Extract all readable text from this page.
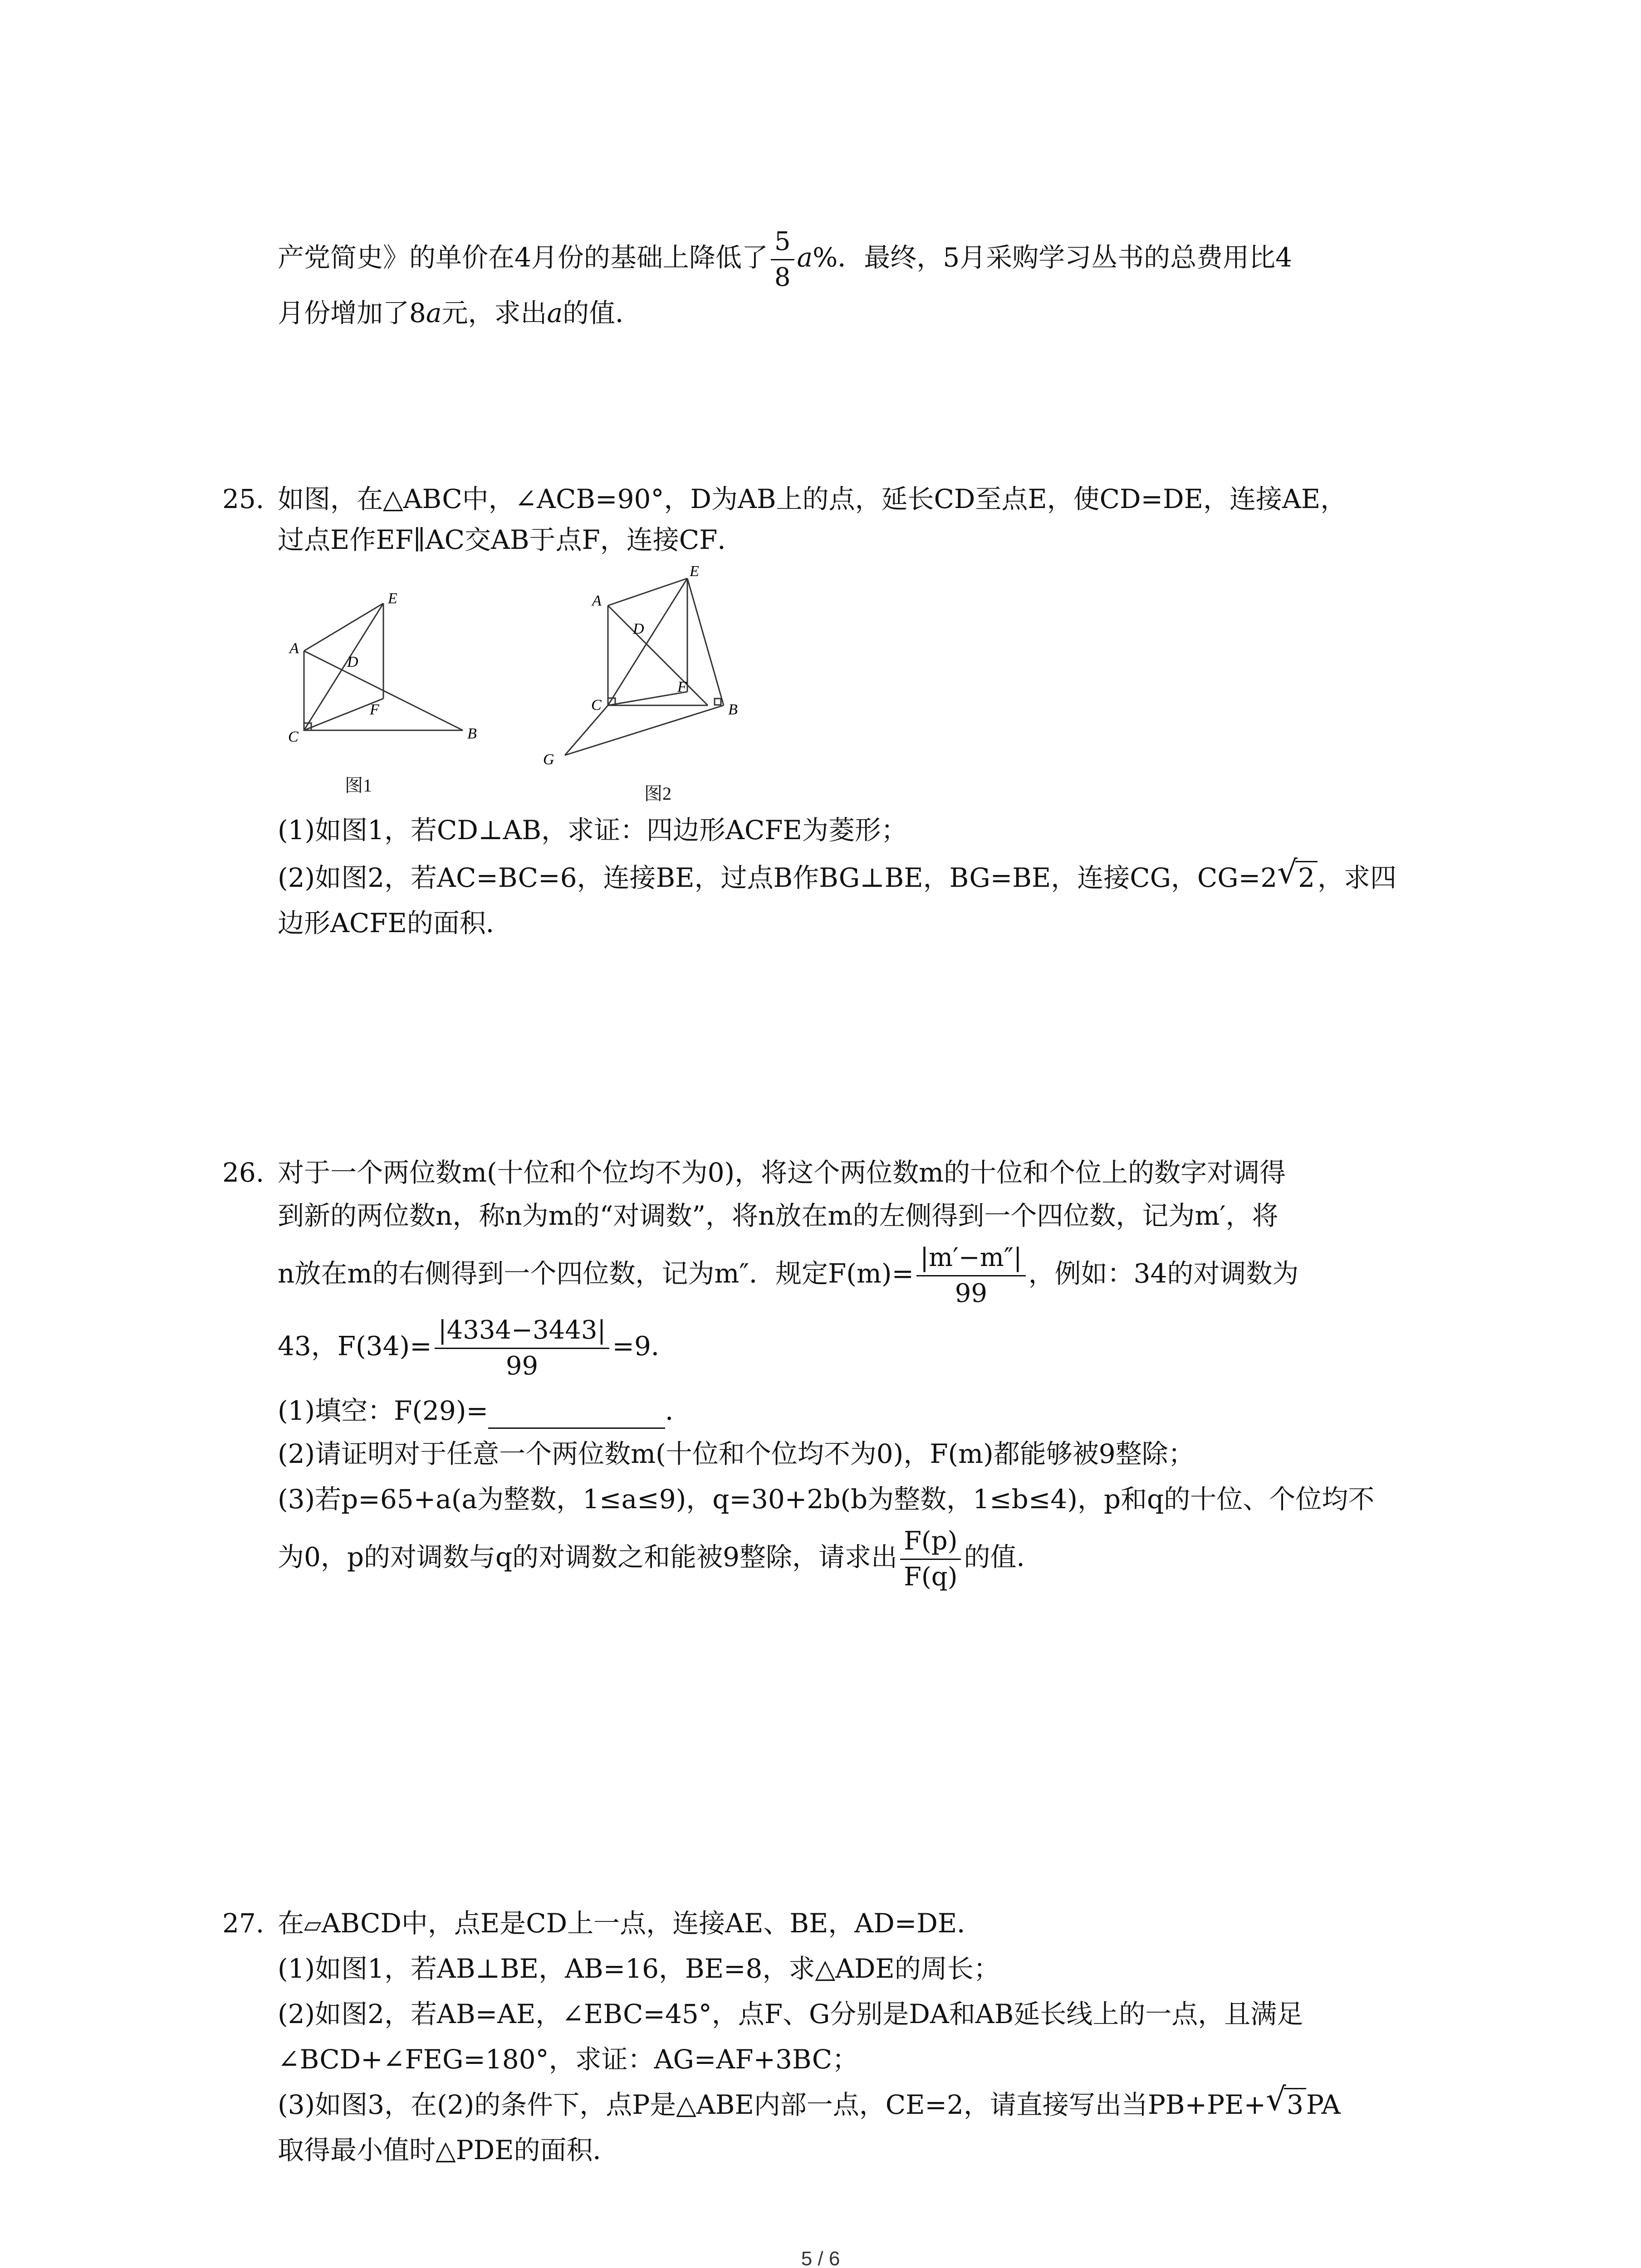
产党简史》的单价在4月份的基础上降低了 $\frac{5}{8} a\%$．最终，5月采购学习丛书的总费用比4
月份增加了8a元，求出a的值．
25. 如图，在△ABC中，∠ACB=90°，D为AB上的点，延长CD至点E，使CD=DE，连接AE，
过点E作EF∥AC交AB于点F，连接CF．
A
B
C
D
E
F
图1
A
B
C
D
E
F
G
图2
(1)如图1，若CD⊥AB，求证：四边形ACFE为菱形；
(2)如图2，若AC=BC=6，连接BE，过点B作BG⊥BE，BG=BE，连接CG，CG=2 √ 2 ，求四
边形ACFE的面积．
26. 对于一个两位数m(十位和个位均不为0)，将这个两位数m的十位和个位上的数字对调得
到新的两位数n，称n为m的“对调数”，将n放在m的左侧得到一个四位数，记为m′，将
n放在m的右侧得到一个四位数，记为m″．规定$F(m)= \frac{|m'-m''|}{99}$ ，例如：34的对调数为
43，$F(34)= \frac{|4334-3443|}{99} =9$．
(1)填空：F(29)=	．
(2)请证明对于任意一个两位数m(十位和个位均不为0)，F(m)都能够被9整除；
(3)若p=65+a(a为整数，1≤a≤9)，q=30+2b(b为整数，1≤b≤4)，p和q的十位、个位均不
为0，p的对调数与q的对调数之和能被9整除，请求出 $\frac{F(p)}{F(q)}$ 的值．
27. 在▱ABCD中，点E是CD上一点，连接AE、BE，AD=DE．
(1)如图1，若AB⊥BE，AB=16，BE=8，求△ADE的周长；
(2)如图2，若AB=AE，∠EBC=45°，点F、G分别是DA和AB延长线上的一点，且满足
∠BCD+∠FEG=180°，求证：AG=AF+3BC；
(3)如图3，在(2)的条件下，点P是△ABE内部一点，CE=2，请直接写出当PB+PE+ √ 3 PA
取得最小值时△PDE的面积．
5 / 6
